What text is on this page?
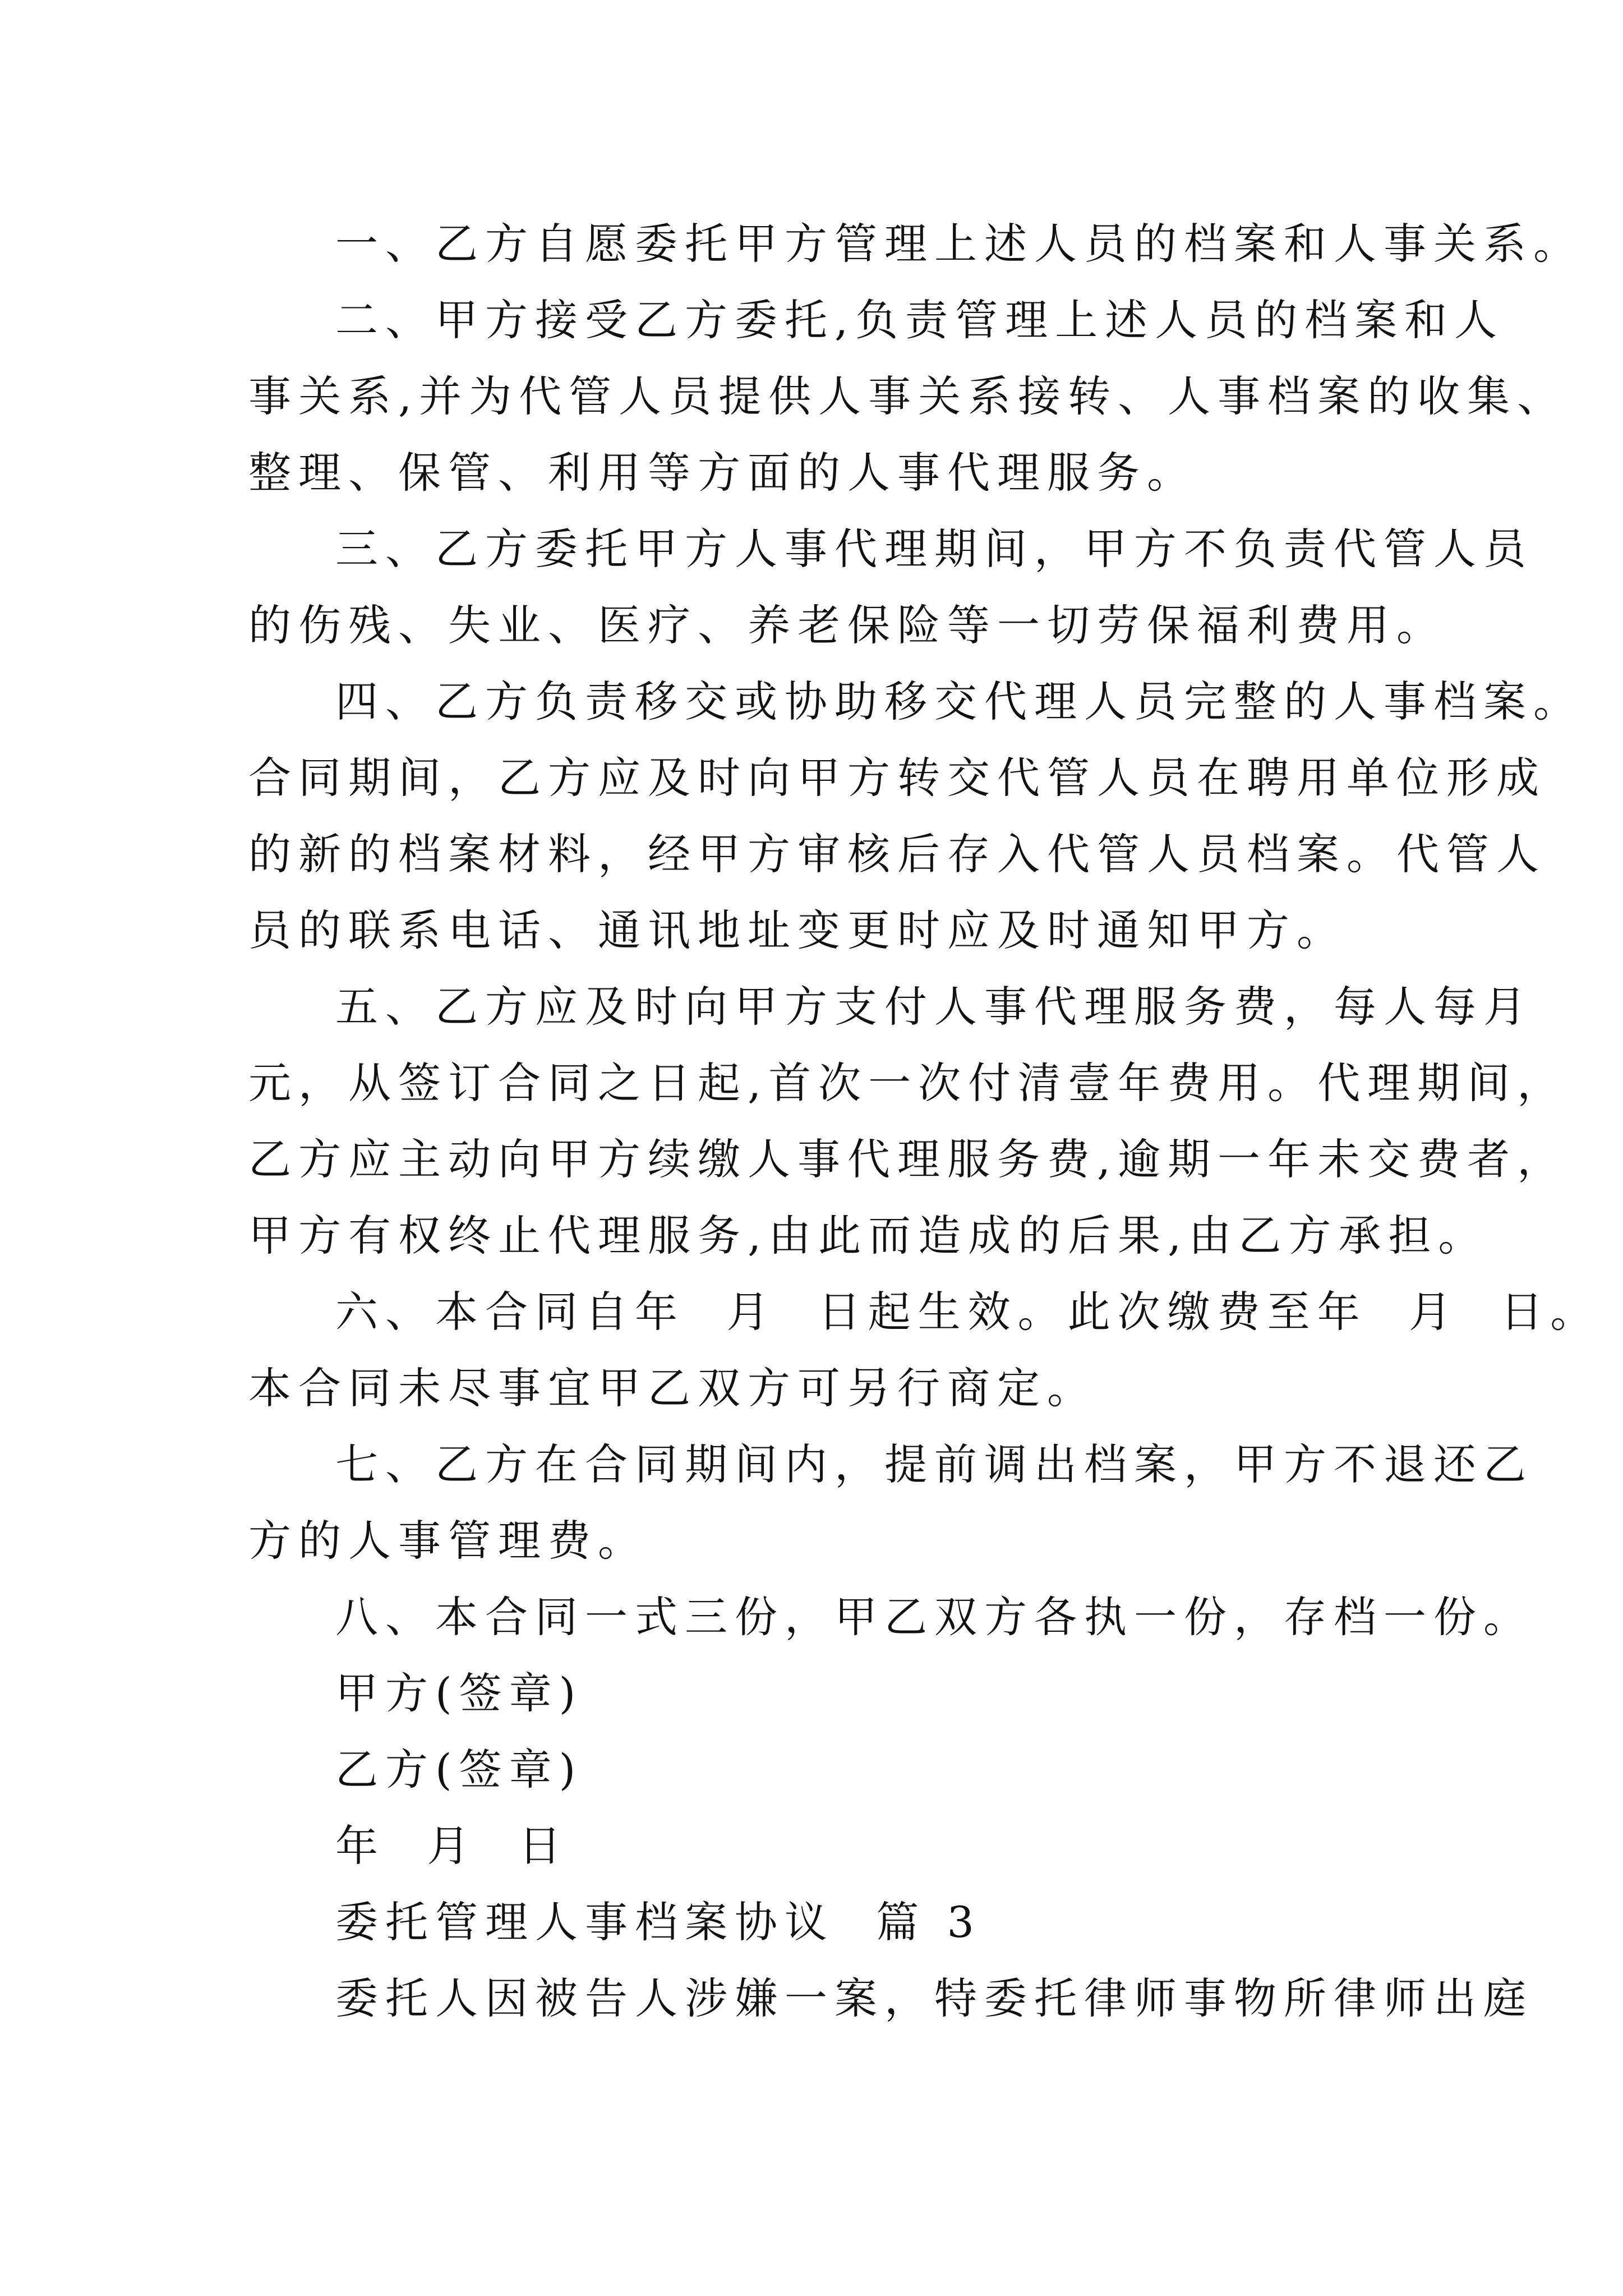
一、乙方自愿委托甲方管理上述人员的档案和人事关系。

二、甲方接受乙方委托,负责管理上述人员的档案和人
事关系,并为代管人员提供人事关系接转、人事档案的收集、
整理、保管、利用等方面的人事代理服务。

三、乙方委托甲方人事代理期间，甲方不负责代管人员
的伤残、失业、医疗、养老保险等一切劳保福利费用。

四、乙方负责移交或协助移交代理人员完整的人事档案。
合同期间，乙方应及时向甲方转交代管人员在聘用单位形成
的新的档案材料，经甲方审核后存入代管人员档案。代管人
员的联系电话、通讯地址变更时应及时通知甲方。

五、乙方应及时向甲方支付人事代理服务费，每人每月
元，从签订合同之日起,首次一次付清壹年费用。代理期间，
乙方应主动向甲方续缴人事代理服务费,逾期一年未交费者，
甲方有权终止代理服务,由此而造成的后果,由乙方承担。

六、本合同自年  月  日起生效。此次缴费至年  月  日。
本合同未尽事宜甲乙双方可另行商定。

七、乙方在合同期间内，提前调出档案，甲方不退还乙
方的人事管理费。

八、本合同一式三份，甲乙双方各执一份，存档一份。

甲方(签章)

乙方(签章)

年  月  日

委托管理人事档案协议  篇 3

委托人因被告人涉嫌一案，特委托律师事物所律师出庭
